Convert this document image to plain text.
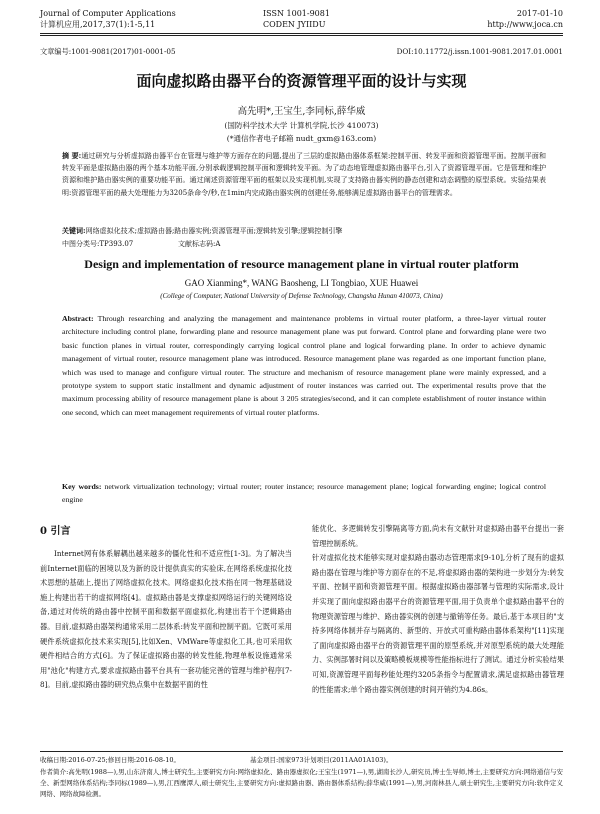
Journal of Computer Applications
计算机应用,2017,37(1):1-5,11
ISSN 1001-9081
CODEN JYIIDU
2017-01-10
http://www.joca.cn
文章编号:1001-9081(2017)01-0001-05	DOI:10.11772/j.issn.1001-9081.2017.01.0001
面向虚拟路由器平台的资源管理平面的设计与实现
高先明*,王宝生,李同标,薛华威
(国防科学技术大学 计算机学院,长沙 410073)
(*通信作者电子邮箱 nudt_gxm@163.com)
摘 要:通过研究与分析虚拟路由器平台在管理与维护等方面存在的问题,提出了三层的虚拟路由器体系框架:控制平面、转发平面和资源管理平面。控制平面和转发平面是虚拟路由器的两个基本功能平面,分别承载逻辑控制平面和逻辑转发平面。为了动态地管理虚拟路由器平台,引入了资源管理平面。它是管理和维护资源和维护路由器实例的重要功能平面。通过阐述资源管理平面的框架以及实现机制,实现了支持路由器实例的静态创建和动态调整的原型系统。实验结果表明:资源管理平面的最大处理能力为3205条命令/秒,在1min内完成路由器实例的创建任务,能够满足虚拟路由器平台的管理需求。
关键词:网络虚拟化技术;虚拟路由器;路由器实例;资源管理平面;逻辑转发引擎;逻辑控制引擎
中图分类号:TP393.07	文献标志码:A
Design and implementation of resource management plane in virtual router platform
GAO Xianming*, WANG Baosheng, LI Tongbiao, XUE Huawei
(College of Computer, National University of Defense Technology, Changsha Hunan 410073, China)
Abstract: Through researching and analyzing the management and maintenance problems in virtual router platform, a three-layer virtual router architecture including control plane, forwarding plane and resource management plane was put forward. Control plane and forwarding plane were two basic function planes in virtual router, correspondingly carrying logical control plane and logical forwarding plane. In order to achieve dynamic management of virtual router, resource management plane was introduced. Resource management plane was regarded as one important function plane, which was used to manage and configure virtual router. The structure and mechanism of resource management plane were mainly expressed, and a prototype system to support static installment and dynamic adjustment of router instances was carried out. The experimental results prove that the maximum processing ability of resource management plane is about 3 205 strategies/second, and it can complete establishment of router instance within one second, which can meet management requirements of virtual router platforms.
Key words: network virtualization technology; virtual router; router instance; resource management plane; logical forwarding engine; logical control engine
0 引言
Internet网有体系解耦出越来越多的僵化性和不适应性[1-3]。为了解决当前Internet面临的困境以及为新的设计提供真实的实验床,在网络系统虚拟化技术思想的基础上,提出了网络虚拟化技术。网络虚拟化技术指在同一物理基础设施上构建出若干的虚拟网络[4]。虚拟路由器是支撑虚拟网络运行的关键网络设备,通过对传统的路由器中控制平面和数据平面虚拟化,构建出若干个逻辑路由器。目前,虚拟路由器架构通常采用二层体系:转发平面和控制平面。它既可采用硬件系统虚拟化技术来实现[5],比如Xen、VMWare等虚拟化工具,也可采用软硬件相结合的方式[6]。为了保证虚拟路由器的转发性能,物理单板设施通常采用"池化"构建方式,要求虚拟路由器平台具有一套功能完善的管理与维护程序[7-8]。目前,虚拟路由器的研究热点集中在数据平面的性
能优化、多逻辑转发引擎隔离等方面,尚未有文献针对虚拟路由器平台提出一套管理控制系统。
针对虚拟化技术能够实现对虚拟路由器动态管理需求[9-10],分析了现有的虚拟路由器在管理与维护等方面存在的不足,将虚拟路由器的架构进一步划分为:转发平面、控制平面和资源管理平面。根据虚拟路由器部署与管理的实际需求,设计并实现了面向虚拟路由器平台的资源管理平面,用于负责单个虚拟路由器平台的物理资源管理与维护、路由器实例的创建与撤销等任务。最后,基于本项目的"支持多网络体制并存与隔离的、新型的、开放式可重构路由器体系架构"[11]实现了面向虚拟路由器平台的资源管理平面的原型系统,并对原型系统的最大处理能力、实例部署时间以及策略模板规模等性能指标进行了测试。通过分析实验结果可知,资源管理平面每秒能处理约3205条指令与配置请求,满足虚拟路由器管理的性能需求;单个路由器实例创建的时间开销约为4.86s。
收稿日期:2016-07-25;修回日期:2016-08-10。	基金项目:国家973计划项目(2011AA01A103)。
作者简介:高先明(1988—),男,山东济南人,博士研究生,主要研究方向:网络虚拟化、路由器虚拟化;王宝生(1971—),男,湖南长沙人,研究员,博士生导师,博士,主要研究方向:网络通信与安全、新型网络体系结构;李同标(1989—),男,江西鹰潭人,硕士研究生,主要研究方向:虚拟路由器、路由器体系结构;薛华威(1991—),男,河南林县人,硕士研究生,主要研究方向:软件定义网络、网络故障检测。
